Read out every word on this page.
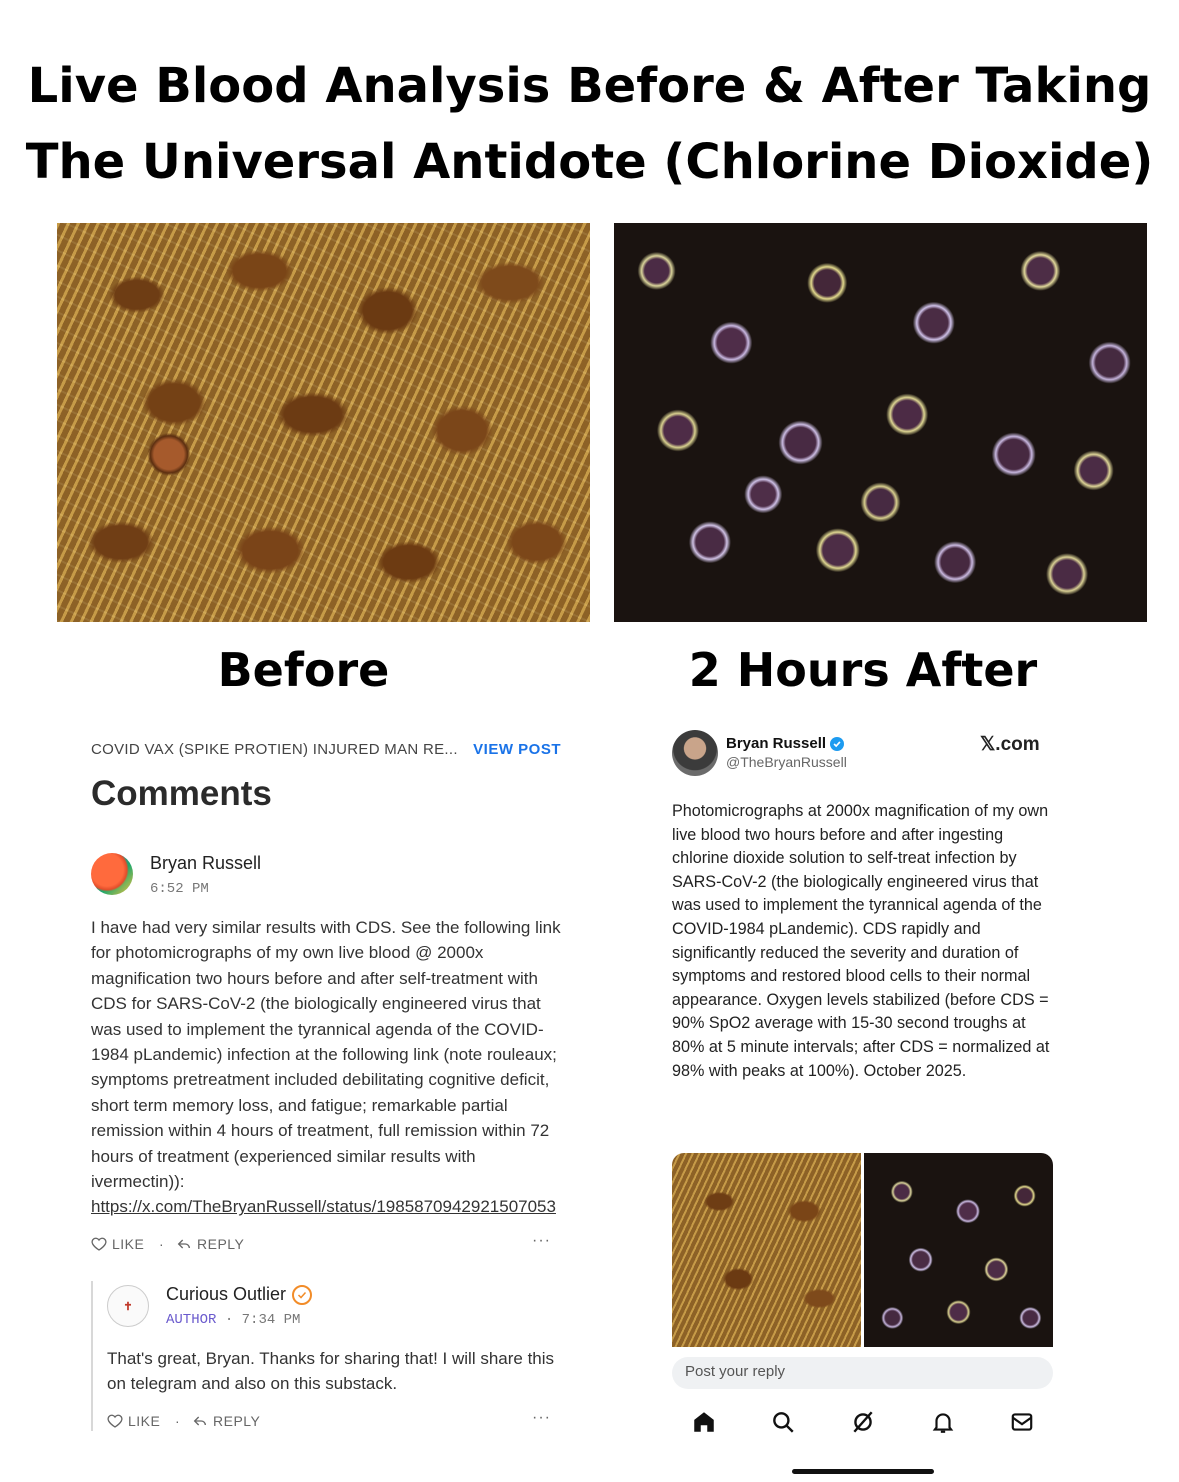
Live Blood Analysis Before & After Taking
The Universal Antidote (Chlorine Dioxide)
Before	2 Hours After
COVID VAX (SPIKE PROTIEN) INJURED MAN RE... VIEW POST
Comments
Bryan Russell
6:52 PM
I have had very similar results with CDS. See the following link for photomicrographs of my own live blood @ 2000x magnification two hours before and after self-treatment with CDS for SARS-CoV-2 (the biologically engineered virus that was used to implement the tyrannical agenda of the COVID-1984 pLandemic) infection at the following link (note rouleaux; symptoms pretreatment included debilitating cognitive deficit, short term memory loss, and fatigue; remarkable partial remission within 4 hours of treatment, full remission within 72 hours of treatment (experienced similar results with ivermectin)): https://x.com/TheBryanRussell/status/1985870942921507053
LIKE · REPLY	···
✝
Curious Outlier
AUTHOR · 7:34 PM
That's great, Bryan. Thanks for sharing that! I will share this on telegram and also on this substack.
LIKE · REPLY	···
Bryan Russell
@TheBryanRussell
𝕏.com
Photomicrographs at 2000x magnification of my own live blood two hours before and after ingesting chlorine dioxide solution to self-treat infection by SARS-CoV-2 (the biologically engineered virus that was used to implement the tyrannical agenda of the COVID-1984 pLandemic). CDS rapidly and significantly reduced the severity and duration of symptoms and restored blood cells to their normal appearance. Oxygen levels stabilized (before CDS = 90% SpO2 average with 15-30 second troughs at 80% at 5 minute intervals; after CDS = normalized at 98% with peaks at 100%). October 2025.
Post your reply
